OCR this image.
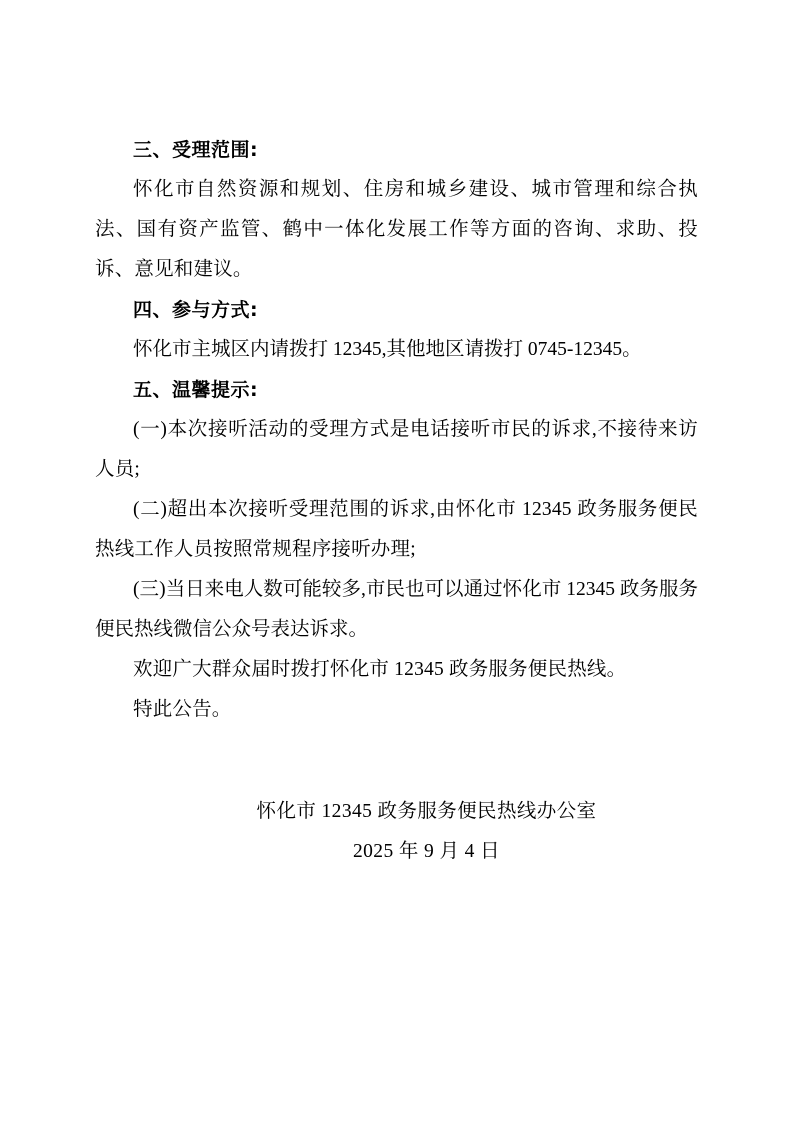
三、受理范围:

怀化市自然资源和规划、住房和城乡建设、城市管理和综合执法、国有资产监管、鹤中一体化发展工作等方面的咨询、求助、投诉、意见和建议。

四、参与方式:

怀化市主城区内请拨打 12345,其他地区请拨打 0745-12345。

五、温馨提示:

(一)本次接听活动的受理方式是电话接听市民的诉求,不接待来访人员;

(二)超出本次接听受理范围的诉求,由怀化市 12345 政务服务便民热线工作人员按照常规程序接听办理;

(三)当日来电人数可能较多,市民也可以通过怀化市 12345 政务服务便民热线微信公众号表达诉求。

欢迎广大群众届时拨打怀化市 12345 政务服务便民热线。

特此公告。

怀化市 12345 政务服务便民热线办公室
2025 年 9 月 4 日
